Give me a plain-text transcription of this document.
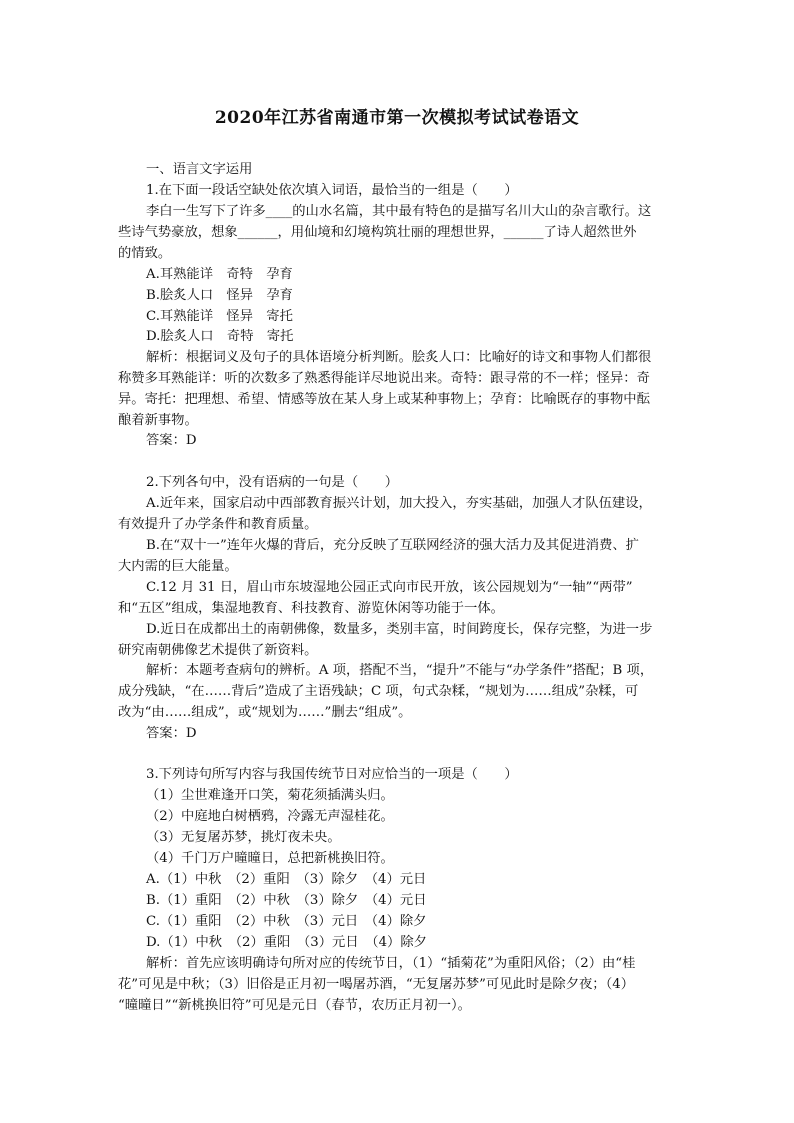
2020年江苏省南通市第一次模拟考试试卷语文
一、语言文字运用
1.在下面一段话空缺处依次填入词语，最恰当的一组是（　　）
李白一生写下了许多____的山水名篇，其中最有特色的是描写名川大山的杂言歌行。这
些诗气势豪放，想象______，用仙境和幻境构筑壮丽的理想世界，______了诗人超然世外
的情致。
A.耳熟能详　奇特　孕育
B.脍炙人口　怪异　孕育
C.耳熟能详　怪异　寄托
D.脍炙人口　奇特　寄托
解析：根据词义及句子的具体语境分析判断。脍炙人口：比喻好的诗文和事物人们都很
称赞多耳熟能详：听的次数多了熟悉得能详尽地说出来。奇特：跟寻常的不一样；怪异：奇
异。寄托：把理想、希望、情感等放在某人身上或某种事物上；孕育：比喻既存的事物中酝
酿着新事物。
答案：D
2.下列各句中，没有语病的一句是（　　）
A.近年来，国家启动中西部教育振兴计划，加大投入，夯实基础，加强人才队伍建设，
有效提升了办学条件和教育质量。
B.在“双十一”连年火爆的背后，充分反映了互联网经济的强大活力及其促进消费、扩
大内需的巨大能量。
C.12 月 31 日，眉山市东坡湿地公园正式向市民开放，该公园规划为“一轴”“两带”
和“五区”组成，集湿地教育、科技教育、游览休闲等功能于一体。
D.近日在成都出土的南朝佛像，数量多，类别丰富，时间跨度长，保存完整，为进一步
研究南朝佛像艺术提供了新资料。
解析：本题考查病句的辨析。A 项，搭配不当，“提升”不能与“办学条件”搭配；B 项，
成分残缺，“在……背后”造成了主语残缺；C 项，句式杂糅，“规划为……组成”杂糅，可
改为“由……组成”，或“规划为……”删去“组成”。
答案：D
3.下列诗句所写内容与我国传统节日对应恰当的一项是（　　）
（1）尘世难逢开口笑，菊花须插满头归。
（2）中庭地白树栖鸦，冷露无声湿桂花。
（3）无复屠苏梦，挑灯夜未央。
（4）千门万户曈曈日，总把新桃换旧符。
A.（1）中秋　（2）重阳　（3）除夕　（4）元日
B.（1）重阳　（2）中秋　（3）除夕　（4）元日
C.（1）重阳　（2）中秋　（3）元日　（4）除夕
D.（1）中秋　（2）重阳　（3）元日　（4）除夕
解析：首先应该明确诗句所对应的传统节日，（1）“插菊花”为重阳风俗；（2）由“桂
花”可见是中秋；（3）旧俗是正月初一喝屠苏酒，“无复屠苏梦”可见此时是除夕夜；（4）
“曈曈日”“新桃换旧符”可见是元日（春节，农历正月初一）。
